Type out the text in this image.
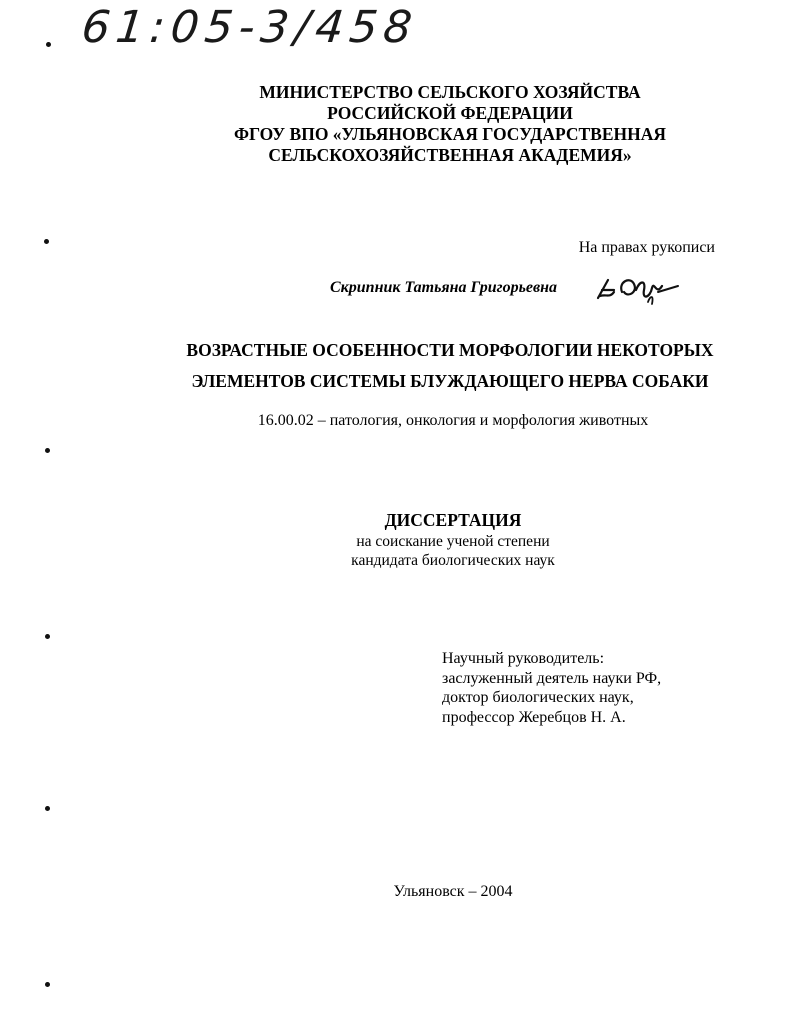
61:05-3/458
МИНИСТЕРСТВО СЕЛЬСКОГО ХОЗЯЙСТВА
РОССИЙСКОЙ ФЕДЕРАЦИИ
ФГОУ ВПО «УЛЬЯНОВСКАЯ ГОСУДАРСТВЕННАЯ
СЕЛЬСКОХОЗЯЙСТВЕННАЯ АКАДЕМИЯ»
На правах рукописи
Скрипник Татьяна Григорьевна
ВОЗРАСТНЫЕ ОСОБЕННОСТИ МОРФОЛОГИИ НЕКОТОРЫХ
ЭЛЕМЕНТОВ СИСТЕМЫ БЛУЖДАЮЩЕГО НЕРВА СОБАКИ
16.00.02 – патология, онкология и морфология животных
ДИССЕРТАЦИЯ
на соискание ученой степени
кандидата биологических наук
Научный руководитель:
заслуженный деятель науки РФ,
доктор биологических наук,
профессор Жеребцов Н. А.
Ульяновск – 2004
